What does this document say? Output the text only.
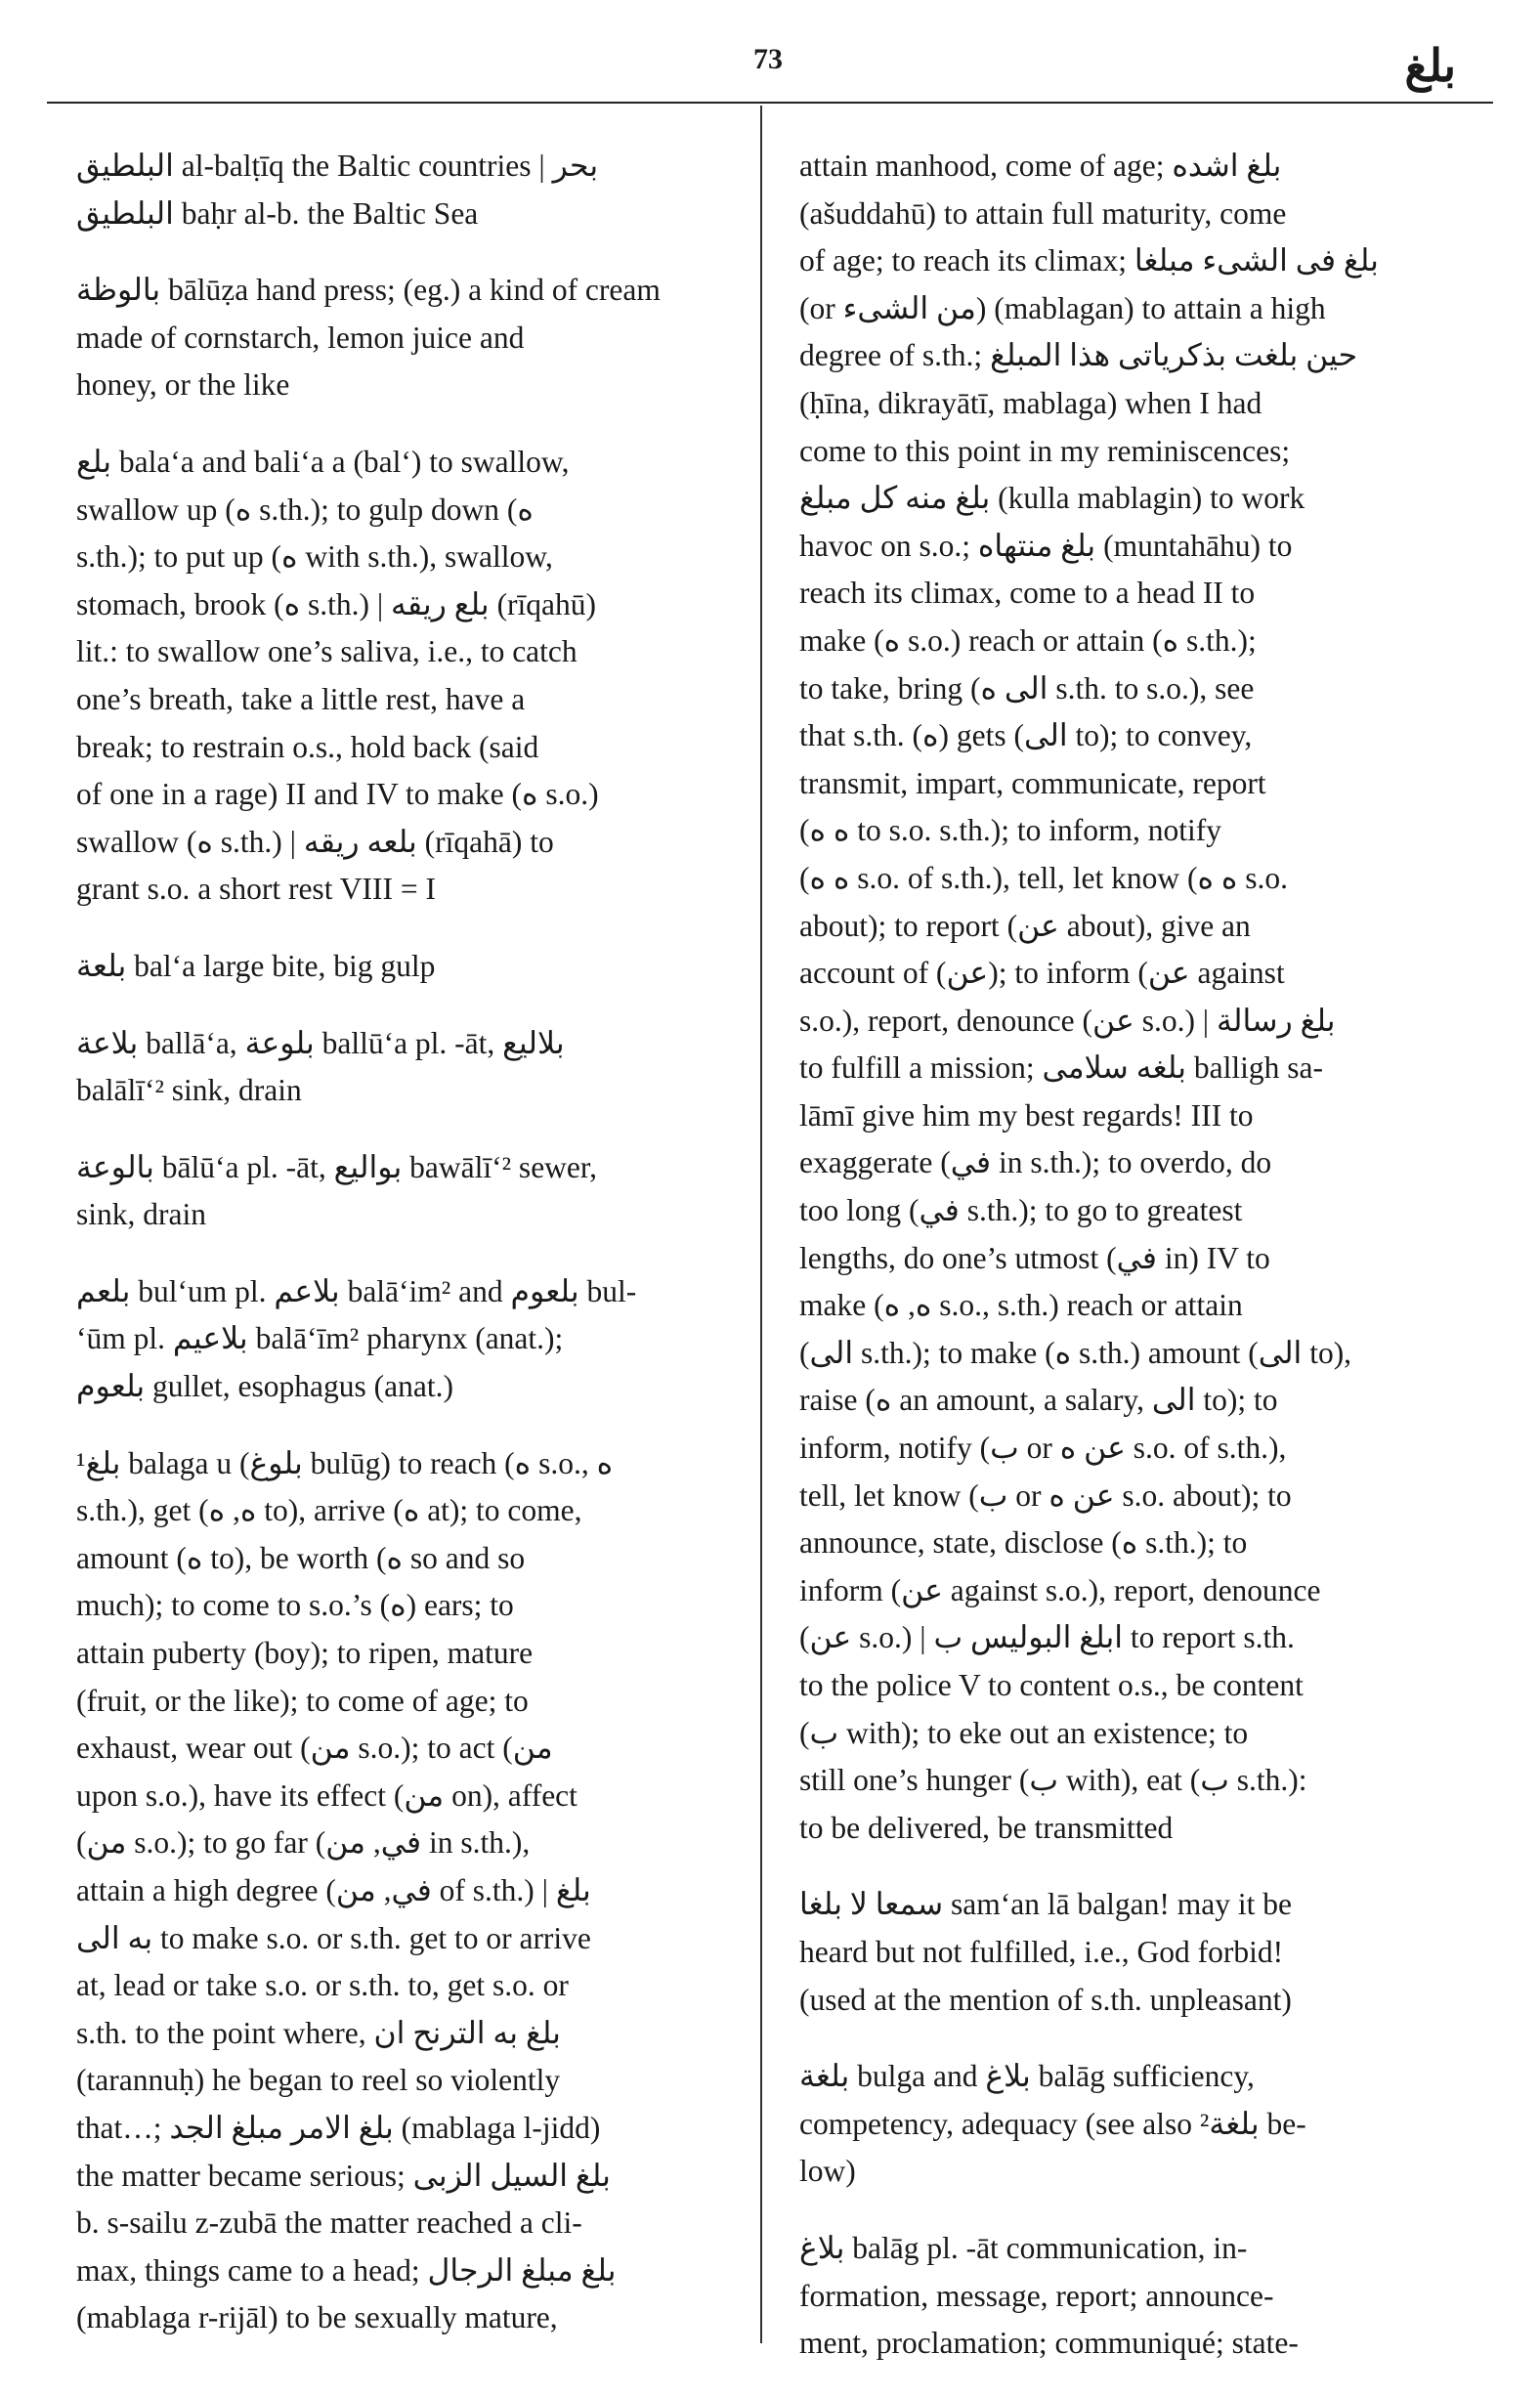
73	بلغ
البلطيق al-balṭīq the Baltic countries | بحر
البلطيق baḥr al-b. the Baltic Sea
بالوظة bālūẓa hand press; (eg.) a kind of cream
made of cornstarch, lemon juice and
honey, or the like
بلع bala‘a and bali‘a a (bal‘) to swallow,
swallow up (ه s.th.); to gulp down (ه
s.th.); to put up (ه with s.th.), swallow,
stomach, brook (ه s.th.) | بلع ريقه (rīqahū)
lit.: to swallow one’s saliva, i.e., to catch
one’s breath, take a little rest, have a
break; to restrain o.s., hold back (said
of one in a rage) II and IV to make (ه s.o.)
swallow (ه s.th.) | بلعه ريقه (rīqahā) to
grant s.o. a short rest VIII = I
بلعة bal‘a large bite, big gulp
بلاعة ballā‘a, بلوعة ballū‘a pl. -āt, بلاليع
balālī‘² sink, drain
بالوعة bālū‘a pl. -āt, بواليع bawālī‘² sewer,
sink, drain
بلعم bul‘um pl. بلاعم balā‘im² and بلعوم bul-
‘ūm pl. بلاعيم balā‘īm² pharynx (anat.);
بلعوم gullet, esophagus (anat.)
¹بلغ balaga u (بلوغ bulūg) to reach (ه s.o., ه
s.th.), get (ه, ه to), arrive (ه at); to come,
amount (ه to), be worth (ه so and so
much); to come to s.o.’s (ه) ears; to
attain puberty (boy); to ripen, mature
(fruit, or the like); to come of age; to
exhaust, wear out (من s.o.); to act (من
upon s.o.), have its effect (من on), affect
(من s.o.); to go far (في, من in s.th.),
attain a high degree (في, من of s.th.) | بلغ
به الى to make s.o. or s.th. get to or arrive
at, lead or take s.o. or s.th. to, get s.o. or
s.th. to the point where, بلغ به الترنح ان
(tarannuḥ) he began to reel so violently
that…; بلغ الامر مبلغ الجد (mablaga l-jidd)
the matter became serious; بلغ السيل الزبى
b. s-sailu z-zubā the matter reached a cli-
max, things came to a head; بلغ مبلغ الرجال
(mablaga r-rijāl) to be sexually mature,
attain manhood, come of age; بلغ اشده
(ašuddahū) to attain full maturity, come
of age; to reach its climax; بلغ فى الشىء مبلغا
(or من الشىء) (mablagan) to attain a high
degree of s.th.; حين بلغت بذكرياتى هذا المبلغ
(ḥīna, dikrayātī, mablaga) when I had
come to this point in my reminiscences;
بلغ منه كل مبلغ (kulla mablagin) to work
havoc on s.o.; بلغ منتهاه (muntahāhu) to
reach its climax, come to a head II to
make (ه s.o.) reach or attain (ه s.th.);
to take, bring (الى ه s.th. to s.o.), see
that s.th. (ه) gets (الى to); to convey,
transmit, impart, communicate, report
(ه ه to s.o. s.th.); to inform, notify
(ه ه s.o. of s.th.), tell, let know (ه ه s.o.
about); to report (عن about), give an
account of (عن); to inform (عن against
s.o.), report, denounce (عن s.o.) | بلغ رسالة
to fulfill a mission; بلغه سلامى balligh sa-
lāmī give him my best regards! III to
exaggerate (في in s.th.); to overdo, do
too long (في s.th.); to go to greatest
lengths, do one’s utmost (في in) IV to
make (ه, ه s.o., s.th.) reach or attain
(الى s.th.); to make (ه s.th.) amount (الى to),
raise (ه an amount, a salary, الى to); to
inform, notify (ب or عن ه s.o. of s.th.),
tell, let know (ب or عن ه s.o. about); to
announce, state, disclose (ه s.th.); to
inform (عن against s.o.), report, denounce
(عن s.o.) | ابلغ البوليس ب to report s.th.
to the police V to content o.s., be content
(ب with); to eke out an existence; to
still one’s hunger (ب with), eat (ب s.th.):
to be delivered, be transmitted
سمعا لا بلغا sam‘an lā balgan! may it be
heard but not fulfilled, i.e., God forbid!
(used at the mention of s.th. unpleasant)
بلغة bulga and بلاغ balāg sufficiency,
competency, adequacy (see also ²بلغة be-
low)
بلاغ balāg pl. -āt communication, in-
formation, message, report; announce-
ment, proclamation; communiqué; state-
